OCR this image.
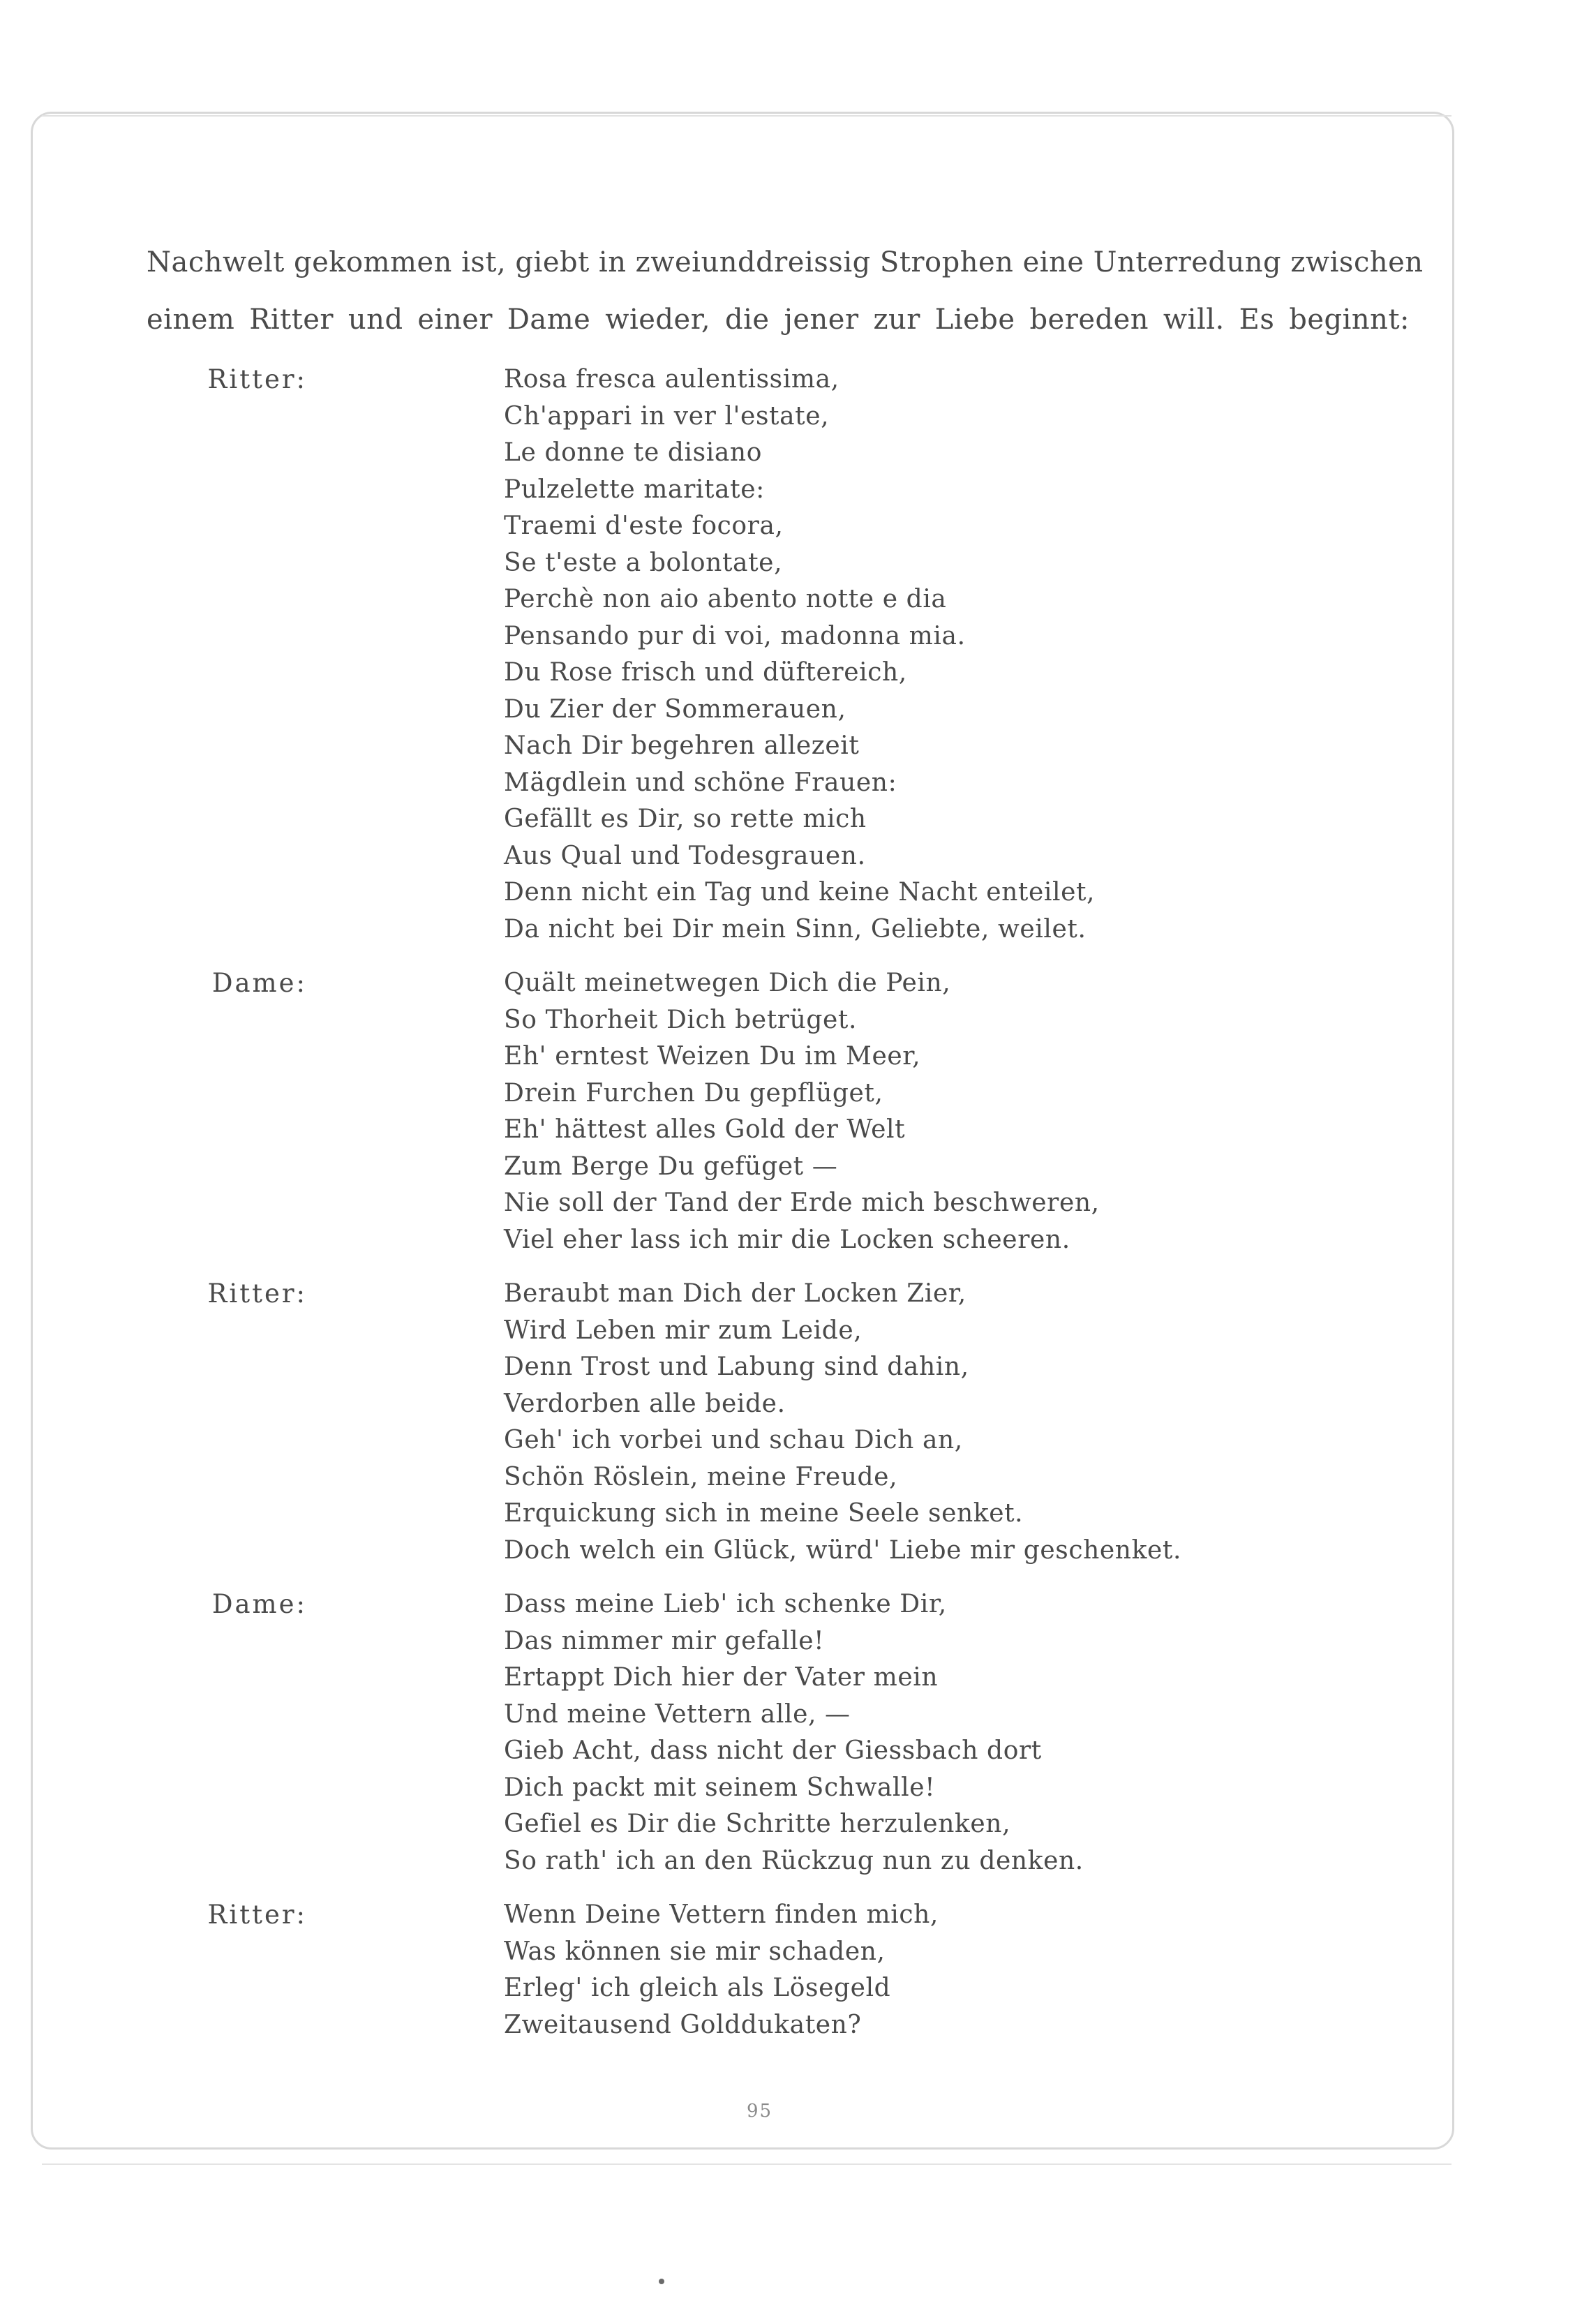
Nachwelt gekommen ist, giebt in zweiunddreissig Strophen eine Unterredung zwischen
einem Ritter und einer Dame wieder, die jener zur Liebe bereden will. Es beginnt:
Ritter:	Rosa fresca aulentissima,
Ch'appari in ver l'estate,
Le donne te disiano
Pulzelette maritate:
Traemi d'este focora,
Se t'este a bolontate,
Perchè non aio abento notte e dia
Pensando pur di voi, madonna mia.
Du Rose frisch und düftereich,
Du Zier der Sommerauen,
Nach Dir begehren allezeit
Mägdlein und schöne Frauen:
Gefällt es Dir, so rette mich
Aus Qual und Todesgrauen.
Denn nicht ein Tag und keine Nacht enteilet,
Da nicht bei Dir mein Sinn, Geliebte, weilet.
Dame:	Quält meinetwegen Dich die Pein,
So Thorheit Dich betrüget.
Eh' erntest Weizen Du im Meer,
Drein Furchen Du gepflüget,
Eh' hättest alles Gold der Welt
Zum Berge Du gefüget —
Nie soll der Tand der Erde mich beschweren,
Viel eher lass ich mir die Locken scheeren.
Ritter:	Beraubt man Dich der Locken Zier,
Wird Leben mir zum Leide,
Denn Trost und Labung sind dahin,
Verdorben alle beide.
Geh' ich vorbei und schau Dich an,
Schön Röslein, meine Freude,
Erquickung sich in meine Seele senket.
Doch welch ein Glück, würd' Liebe mir geschenket.
Dame:	Dass meine Lieb' ich schenke Dir,
Das nimmer mir gefalle!
Ertappt Dich hier der Vater mein
Und meine Vettern alle, —
Gieb Acht, dass nicht der Giessbach dort
Dich packt mit seinem Schwalle!
Gefiel es Dir die Schritte herzulenken,
So rath' ich an den Rückzug nun zu denken.
Ritter:	Wenn Deine Vettern finden mich,
Was können sie mir schaden,
Erleg' ich gleich als Lösegeld
Zweitausend Golddukaten?
95
